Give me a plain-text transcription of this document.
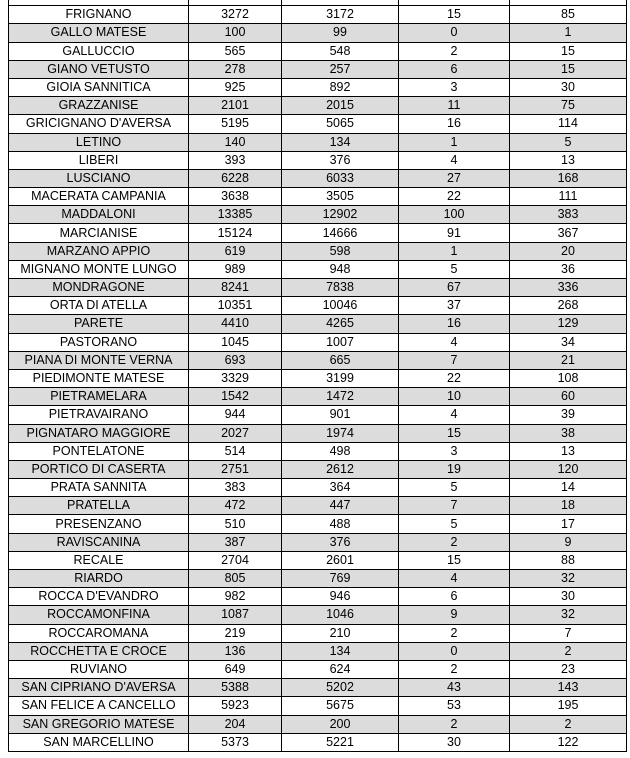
FRIGNANO	3272	3172	15	85
GALLO MATESE	100	99	0	1
GALLUCCIO	565	548	2	15
GIANO VETUSTO	278	257	6	15
GIOIA SANNITICA	925	892	3	30
GRAZZANISE	2101	2015	11	75
GRICIGNANO D'AVERSA	5195	5065	16	114
LETINO	140	134	1	5
LIBERI	393	376	4	13
LUSCIANO	6228	6033	27	168
MACERATA CAMPANIA	3638	3505	22	111
MADDALONI	13385	12902	100	383
MARCIANISE	15124	14666	91	367
MARZANO APPIO	619	598	1	20
MIGNANO MONTE LUNGO	989	948	5	36
MONDRAGONE	8241	7838	67	336
ORTA DI ATELLA	10351	10046	37	268
PARETE	4410	4265	16	129
PASTORANO	1045	1007	4	34
PIANA DI MONTE VERNA	693	665	7	21
PIEDIMONTE MATESE	3329	3199	22	108
PIETRAMELARA	1542	1472	10	60
PIETRAVAIRANO	944	901	4	39
PIGNATARO MAGGIORE	2027	1974	15	38
PONTELATONE	514	498	3	13
PORTICO DI CASERTA	2751	2612	19	120
PRATA SANNITA	383	364	5	14
PRATELLA	472	447	7	18
PRESENZANO	510	488	5	17
RAVISCANINA	387	376	2	9
RECALE	2704	2601	15	88
RIARDO	805	769	4	32
ROCCA D'EVANDRO	982	946	6	30
ROCCAMONFINA	1087	1046	9	32
ROCCAROMANA	219	210	2	7
ROCCHETTA E CROCE	136	134	0	2
RUVIANO	649	624	2	23
SAN CIPRIANO D'AVERSA	5388	5202	43	143
SAN FELICE A CANCELLO	5923	5675	53	195
SAN GREGORIO MATESE	204	200	2	2
SAN MARCELLINO	5373	5221	30	122
